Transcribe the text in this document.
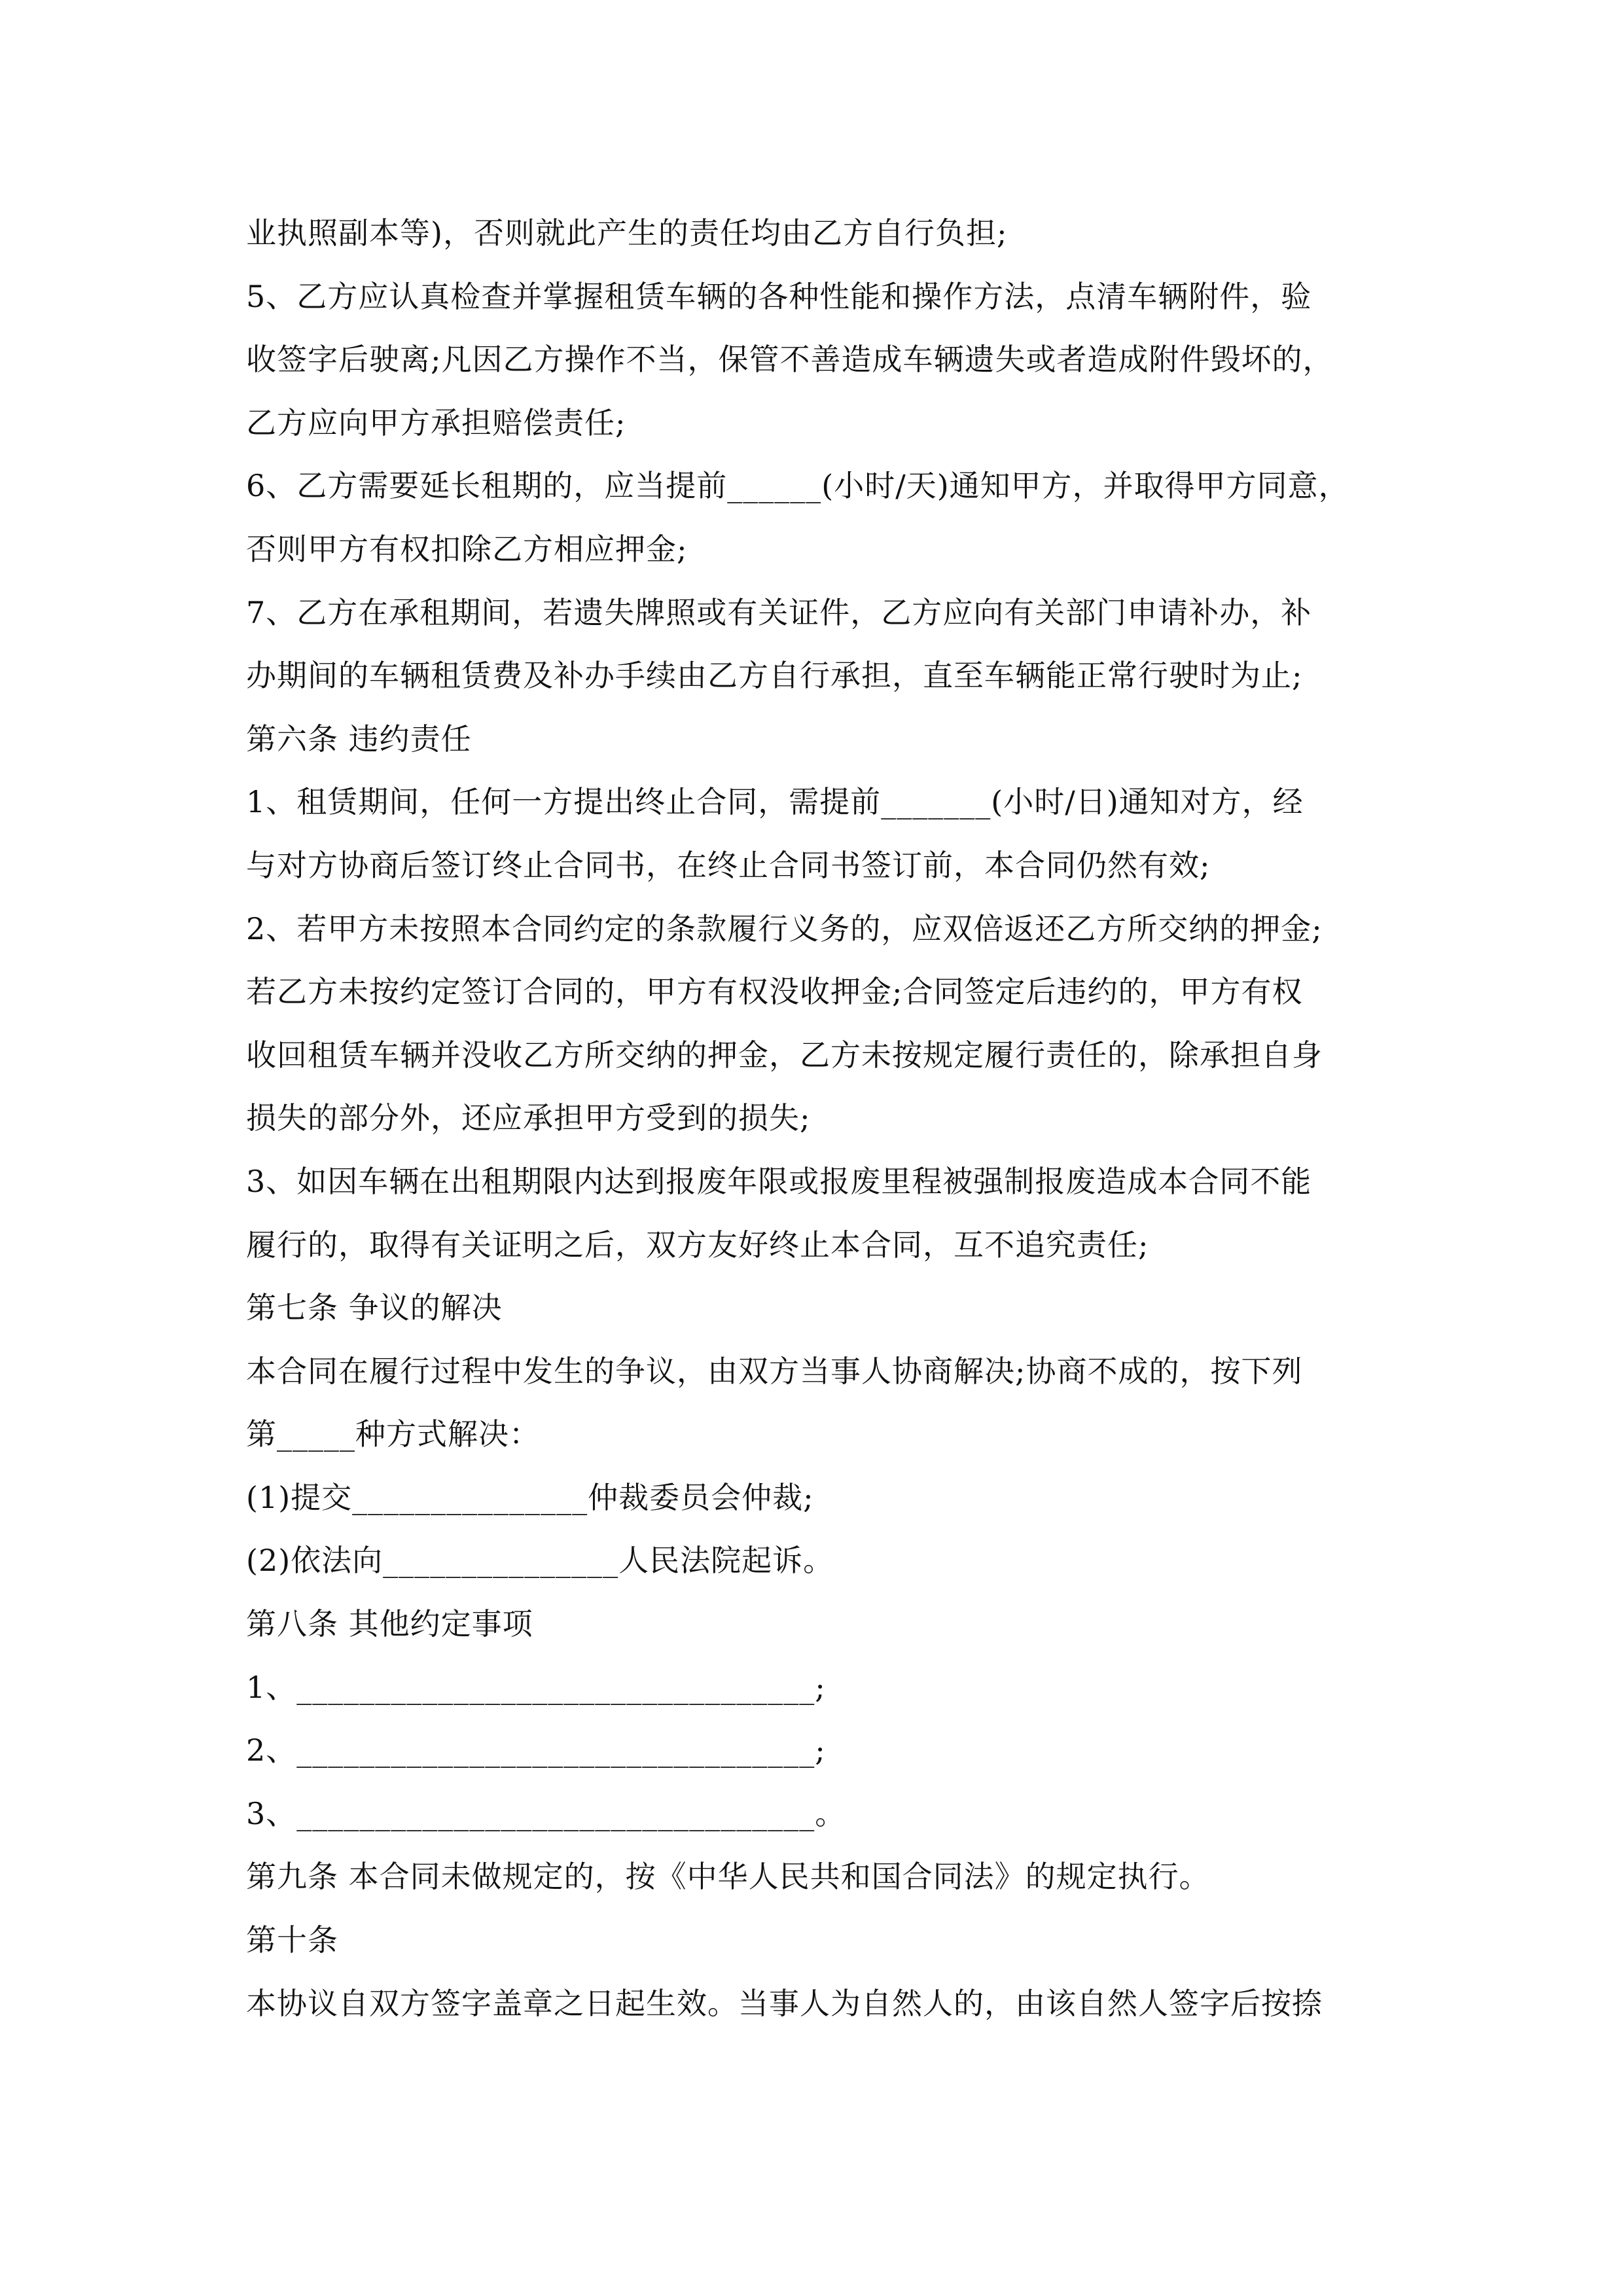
业执照副本等)，否则就此产生的责任均由乙方自行负担;
5、乙方应认真检查并掌握租赁车辆的各种性能和操作方法，点清车辆附件，验
收签字后驶离;凡因乙方操作不当，保管不善造成车辆遗失或者造成附件毁坏的，
乙方应向甲方承担赔偿责任;
6、乙方需要延长租期的，应当提前______(小时/天)通知甲方，并取得甲方同意，
否则甲方有权扣除乙方相应押金;
7、乙方在承租期间，若遗失牌照或有关证件，乙方应向有关部门申请补办，补
办期间的车辆租赁费及补办手续由乙方自行承担，直至车辆能正常行驶时为止;
第六条 违约责任
1、租赁期间，任何一方提出终止合同，需提前_______(小时/日)通知对方，经
与对方协商后签订终止合同书，在终止合同书签订前，本合同仍然有效;
2、若甲方未按照本合同约定的条款履行义务的，应双倍返还乙方所交纳的押金;
若乙方未按约定签订合同的，甲方有权没收押金;合同签定后违约的，甲方有权
收回租赁车辆并没收乙方所交纳的押金，乙方未按规定履行责任的，除承担自身
损失的部分外，还应承担甲方受到的损失;
3、如因车辆在出租期限内达到报废年限或报废里程被强制报废造成本合同不能
履行的，取得有关证明之后，双方友好终止本合同，互不追究责任;
第七条 争议的解决
本合同在履行过程中发生的争议，由双方当事人协商解决;协商不成的，按下列
第_____种方式解决：
(1)提交_______________仲裁委员会仲裁;
(2)依法向_______________人民法院起诉。
第八条 其他约定事项
1、_________________________________;
2、_________________________________;
3、_________________________________。
第九条 本合同未做规定的，按《中华人民共和国合同法》的规定执行。
第十条
本协议自双方签字盖章之日起生效。当事人为自然人的，由该自然人签字后按捺
